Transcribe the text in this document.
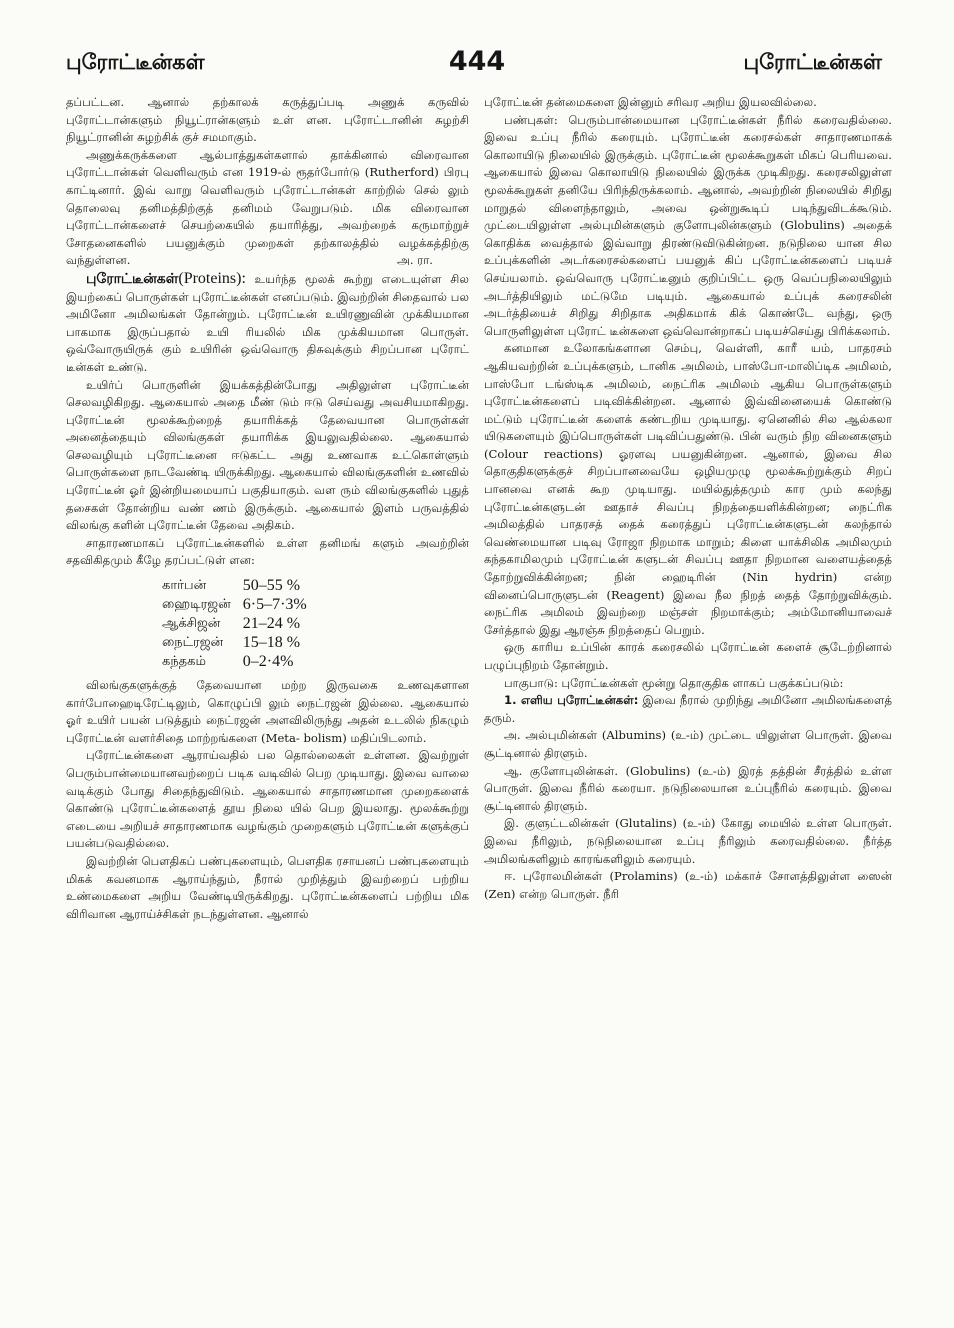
புரோட்டீன்கள்	444	புரோட்டீன்கள்

தப்பட்டன. ஆனால் தற்காலக் கருத்துப்படி அணுக் கருவில் புரோட்டான்களும் நியூட்ரான்களும் உள் ளன. புரோட்டானின் சுழற்சி நியூட்ரானின் சுழற்சிக் குச் சமமாகும்.

அணுக்கருக்களை ஆல்பாத்துகள்களால் தாக்கினால் விரைவான புரோட்டான்கள் வெளிவரும் என 1919-ல் ரூதர்போர்டு (Rutherford) பிரபு காட்டினார். இவ் வாறு வெளிவரும் புரோட்டான்கள் காற்றில் செல் லும் தொலைவு தனிமத்திற்குத் தனிமம் வேறுபடும். மிக விரைவான புரோட்டான்களைச் செயற்கையில் தயாரித்து, அவற்றைக் கருமாற்றுச் சோதனைகளில் பயனுக்கும் முறைகள் தற்காலத்தில் வழக்கத்திற்கு வந்துள்ளன.	அ. ரா.

புரோட்டீன்கள்(Proteins): உயர்ந்த மூலக் கூற்று எடையுள்ள சில இயற்கைப் பொருள்கள் புரோட்டீன்கள் எனப்படும். இவற்றின் சிதைவால் பல அமினோ அமிலங்கள் தோன்றும். புரோட்டீன் உயிரணுவின் முக்கியமான பாகமாக இருப்பதால் உயி ரியலில் மிக முக்கியமான பொருள். ஒவ்வோருயிருக் கும் உயிரின் ஒவ்வொரு திசுவுக்கும் சிறப்பான புரோட் டீன்கள் உண்டு.

உயிர்ப் பொருளின் இயக்கத்தின்போது அதிலுள்ள புரோட்டீன் செலவழிகிறது. ஆகையால் அதை மீண் டும் ஈடு செய்வது அவசியமாகிறது. புரோட்டீன் மூலக்கூற்றைத் தயாரிக்கத் தேவையான பொருள்கள் அனைத்தையும் விலங்குகள் தயாரிக்க இயலுவதில்லை. ஆகையால் செலவழியும் புரோட்டீனை ஈடுகட்ட அது உணவாக உட்கொள்ளும் பொருள்களை நாடவேண்டி யிருக்கிறது. ஆகையால் விலங்குகளின் உணவில் புரோட்டீன் ஓர் இன்றியமையாப் பகுதியாகும். வள ரும் விலங்குகளில் புதுத் தசைகள் தோன்றிய வண் ணம் இருக்கும். ஆகையால் இளம் பருவத்தில் விலங்கு களின் புரோட்டீன் தேவை அதிகம்.

சாதாரணமாகப் புரோட்டீன்களில் உள்ள தனிமங் களும் அவற்றின் சதவிகிதமும் கீழே தரப்பட்டுள் ளன:

கார்பன்	50–55 %
ஹைடிரஜன்	6·5–7·3%
ஆக்சிஜன்	21–24 %
நைட்ரஜன்	15–18 %
கந்தகம்	0–2·4%

விலங்குகளுக்குத் தேவையான மற்ற இருவகை உணவுகளான கார்போஹைடிரேட்டிலும், கொழுப்பி லும் நைட்ரஜன் இல்லை. ஆகையால் ஓர் உயிர் பயன் படுத்தும் நைட்ரஜன் அளவிலிருந்து அதன் உடலில் நிகழும் புரோட்டீன் வளர்சிதை மாற்றங்களை (Meta- bolism) மதிப்பிடலாம்.

புரோட்டீன்களை ஆராய்வதில் பல தொல்லைகள் உள்ளன. இவற்றுள் பெரும்பான்மையானவற்றைப் படிக வடிவில் பெற முடியாது. இவை வாலை வடிக்கும் போது சிதைந்துவிடும். ஆகையால் சாதாரணமான முறைகளைக் கொண்டு புரோட்டீன்களைத் தூய நிலை யில் பெற இயலாது. மூலக்கூற்று எடையை அறியச் சாதாரணமாக வழங்கும் முறைகளும் புரோட்டீன் களுக்குப் பயன்படுவதில்லை.

இவற்றின் பௌதிகப் பண்புகளையும், பௌதிக ரசாயனப் பண்புகளையும் மிகக் கவனமாக ஆராய்ந்தும், நீரால் முறித்தும் இவற்றைப் பற்றிய உண்மைகளை அறிய வேண்டியிருக்கிறது. புரோட்டீன்களைப் பற்றிய மிக விரிவான ஆராய்ச்சிகள் நடந்துள்ளன. ஆனால்

புரோட்டீன் தன்மைகளை இன்னும் சரிவர அறிய இயலவில்லை.

பண்புகள்: பெரும்பான்மையான புரோட்டீன்கள் நீரில் கரைவதில்லை. இவை உப்பு நீரில் கரையும். புரோட்டீன் கரைசல்கள் சாதாரணமாகக் கொலாயிடு நிலையில் இருக்கும். புரோட்டீன் மூலக்கூறுகள் மிகப் பெரியவை. ஆகையால் இவை கொலாயிடு நிலையில் இருக்க முடிகிறது. கரைசலிலுள்ள மூலக்கூறுகள் தனியே பிரிந்திருக்கலாம். ஆனால், அவற்றின் நிலையில் சிறிது மாறுதல் விளைந்தாலும், அவை ஒன்றுகூடிப் படிந்துவிடக்கூடும். முட்டையிலுள்ள அல்புமின்களும் குளோபுலின்களும் (Globulins) அதைக் கொதிக்க வைத்தால் இவ்வாறு திரண்டுவிடுகின்றன. நடுநிலை யான சில உப்புக்களின் அடர்கரைசல்களைப் பயனுக் கிப் புரோட்டீன்களைப் படியச் செய்யலாம். ஒவ்வொரு புரோட்டீனும் குறிப்பிட்ட ஒரு வெப்பநிலையிலும் அடர்த்தியிலும் மட்டுமே படியும். ஆகையால் உப்புக் கரைசலின் அடர்த்தியைச் சிறிது சிறிதாக அதிகமாக் கிக் கொண்டே வந்து, ஒரு பொருளிலுள்ள புரோட் டீன்களை ஒவ்வொன்றாகப் படியச்செய்து பிரிக்கலாம்.

கனமான உலோகங்களான செம்பு, வெள்ளி, காரீ யம், பாதரசம் ஆகியவற்றின் உப்புக்களும், டானிக அமிலம், பாஸ்போ-மாலிப்டிக அமிலம், பாஸ்போ டங்ஸ்டிக அமிலம், நைட்ரிக அமிலம் ஆகிய பொருள்களும் புரோட்டீன்களைப் படிவிக்கின்றன. ஆனால் இவ்வினையைக் கொண்டு மட்டும் புரோட்டீன் களைக் கண்டறிய முடியாது. ஏனெனில் சில ஆல்கலா யிடுகளையும் இப்பொருள்கள் படிவிப்பதுண்டு. பின் வரும் நிற வினைகளும் (Colour reactions) ஓரளவு பயனுகின்றன. ஆனால், இவை சில தொகுதிகளுக்குச் சிறப்பானவையே ஒழியமுழு மூலக்கூற்றுக்கும் சிறப் பானவை எனக் கூற முடியாது. மயில்துத்தமும் கார மும் கலந்து புரோட்டீன்களுடன் ஊதாச் சிவப்பு நிறத்தையளிக்கின்றன; நைட்ரிக அமிலத்தில் பாதரசத் தைக் கரைத்துப் புரோட்டீன்களுடன் கலந்தால் வெண்மையான படிவு ரோஜா நிறமாக மாறும்; கிளை யாக்சிலிக அமிலமும் கந்தகாமிலமும் புரோட்டீன் களுடன் சிவப்பு ஊதா நிறமான வளையத்தைத் தோற்றுவிக்கின்றன; நின் ஹைடிரின் (Nin hydrin) என்ற வினைப்பொருளுடன் (Reagent) இவை நீல நிறத் தைத் தோற்றுவிக்கும். நைட்ரிக அமிலம் இவற்றை மஞ்சள் நிறமாக்கும்; அம்மோனியாவைச் சேர்த்தால் இது ஆரஞ்சு நிறத்தைப் பெறும்.

ஒரு காரிய உப்பின் காரக் கரைசலில் புரோட்டீன் களைச் சூடேற்றினால் பழுப்புநிறம் தோன்றும்.

பாகுபாடு: புரோட்டீன்கள் மூன்று தொகுதிக ளாகப் பகுக்கப்படும்:

1. எளிய புரோட்டீன்கள்: இவை நீரால் முறிந்து அமினோ அமிலங்களைத் தரும்.

அ. அல்புமின்கள் (Albumins) (உ-ம்) முட்டை யிலுள்ள பொருள். இவை சூட்டினால் திரளும்.

ஆ. குளோபுலின்கள். (Globulins) (உ-ம்) இரத் தத்தின் சீரத்தில் உள்ள பொருள். இவை நீரில் கரையா. நடுநிலையான உப்புநீரில் கரையும். இவை சூட்டினால் திரளும்.

இ. குளுட்டலின்கள் (Glutalins) (உ-ம்) கோது மையில் உள்ள பொருள். இவை நீரிலும், நடுநிலையான உப்பு நீரிலும் கரைவதில்லை. நீர்த்த அமிலங்களிலும் காரங்களிலும் கரையும்.

ஈ. புரோலமின்கள் (Prolamins) (உ-ம்) மக்காச் சோளத்திலுள்ள ஸைன் (Zen) என்ற பொருள். நீரி
